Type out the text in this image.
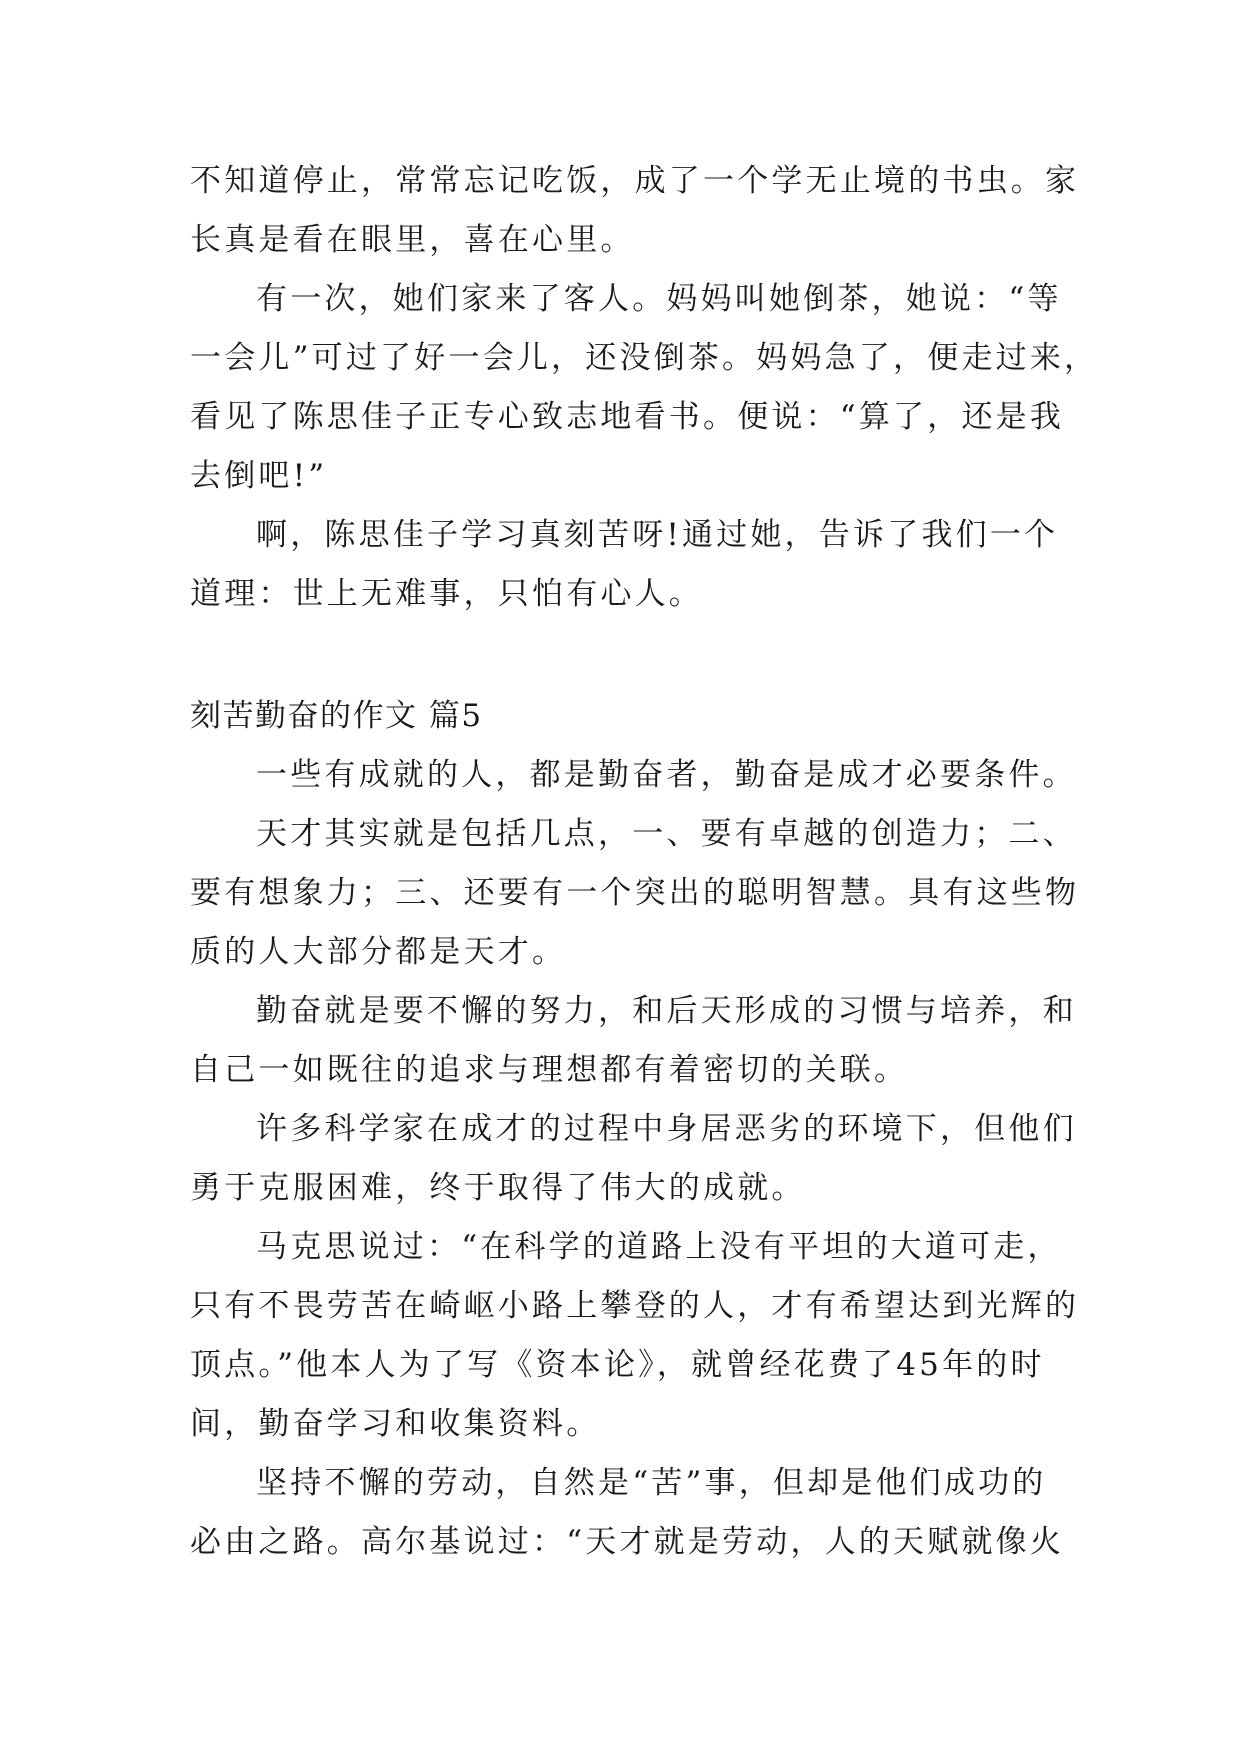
不知道停止，常常忘记吃饭，成了一个学无止境的书虫。家
长真是看在眼里，喜在心里。
有一次，她们家来了客人。妈妈叫她倒茶，她说：“等
一会儿”可过了好一会儿，还没倒茶。妈妈急了，便走过来，
看见了陈思佳子正专心致志地看书。便说：“算了，还是我
去倒吧!”
啊，陈思佳子学习真刻苦呀!通过她，告诉了我们一个
道理：世上无难事，只怕有心人。
刻苦勤奋的作文 篇5
一些有成就的人，都是勤奋者，勤奋是成才必要条件。
天才其实就是包括几点，一、要有卓越的创造力；二、
要有想象力；三、还要有一个突出的聪明智慧。具有这些物
质的人大部分都是天才。
勤奋就是要不懈的努力，和后天形成的习惯与培养，和
自己一如既往的追求与理想都有着密切的关联。
许多科学家在成才的过程中身居恶劣的环境下，但他们
勇于克服困难，终于取得了伟大的成就。
马克思说过：“在科学的道路上没有平坦的大道可走，
只有不畏劳苦在崎岖小路上攀登的人，才有希望达到光辉的
顶点。”他本人为了写《资本论》，就曾经花费了45年的时
间，勤奋学习和收集资料。
坚持不懈的劳动，自然是“苦”事，但却是他们成功的
必由之路。高尔基说过：“天才就是劳动，人的天赋就像火
